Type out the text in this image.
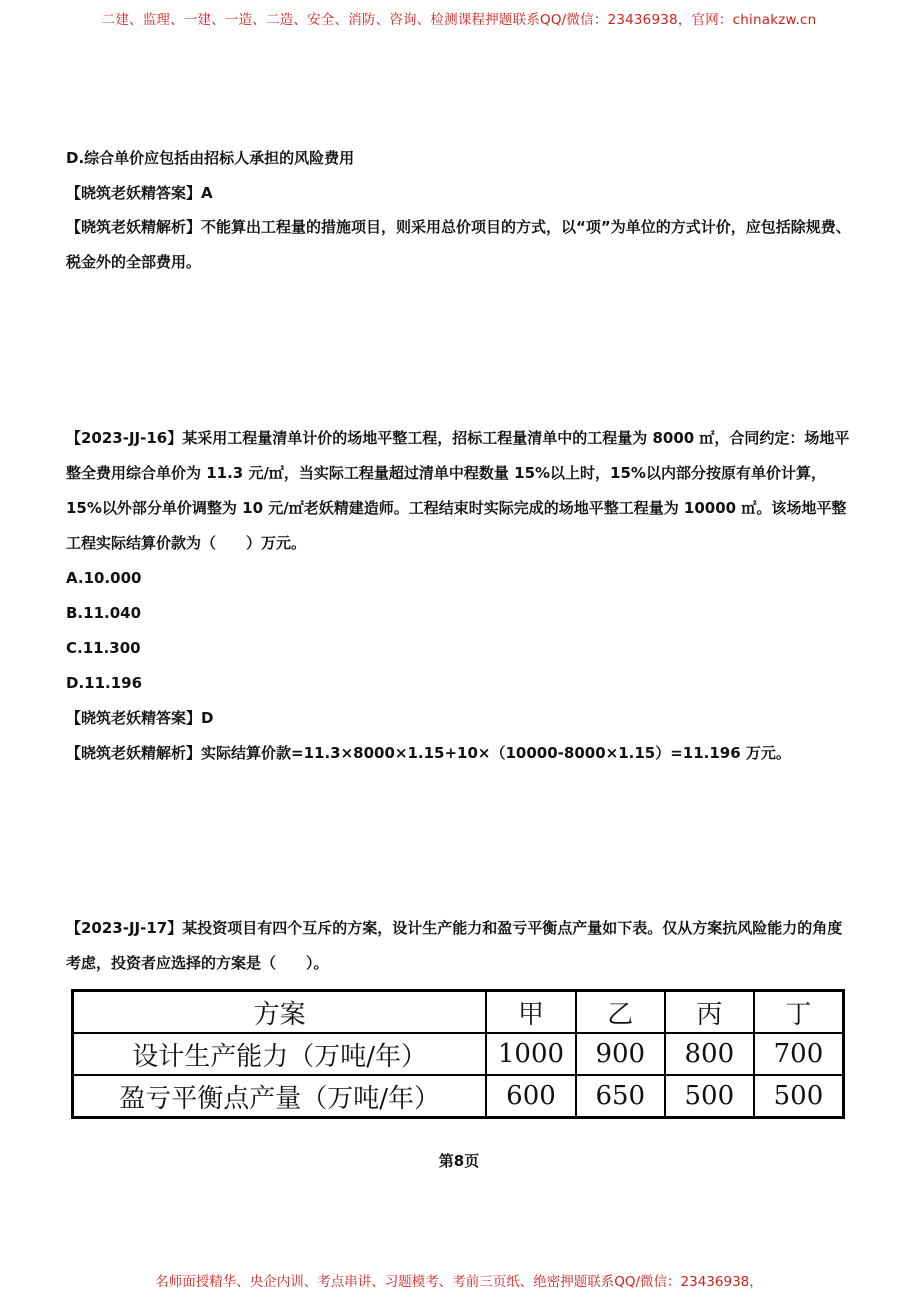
二建、监理、一建、一造、二造、安全、消防、咨询、检测课程押题联系QQ/微信：23436938，官网：chinakzw.cn

D.综合单价应包括由招标人承担的风险费用

【晓筑老妖精答案】A

【晓筑老妖精解析】不能算出工程量的措施项目，则采用总价项目的方式，以“项”为单位的方式计价，应包括除规费、税金外的全部费用。

【2023-JJ-16】某采用工程量清单计价的场地平整工程，招标工程量清单中的工程量为 8000 ㎡，合同约定：场地平整全费用综合单价为 11.3 元/㎡，当实际工程量超过清单中程数量 15%以上时，15%以内部分按原有单价计算，15%以外部分单价调整为 10 元/㎡老妖精建造师。工程结束时实际完成的场地平整工程量为 10000 ㎡。该场地平整工程实际结算价款为（　　）万元。

A.10.000

B.11.040

C.11.300

D.11.196

【晓筑老妖精答案】D

【晓筑老妖精解析】实际结算价款=11.3×8000×1.15+10×（10000-8000×1.15）=11.196 万元。

【2023-JJ-17】某投资项目有四个互斥的方案，设计生产能力和盈亏平衡点产量如下表。仅从方案抗风险能力的角度考虑，投资者应选择的方案是（　　）。

方案	甲	乙	丙	丁
设计生产能力（万吨/年）	1000	900	800	700
盈亏平衡点产量（万吨/年）	600	650	500	500
第8页
名师面授精华、央企内训、考点串讲、习题模考、考前三页纸、绝密押题联系QQ/微信：23436938，
